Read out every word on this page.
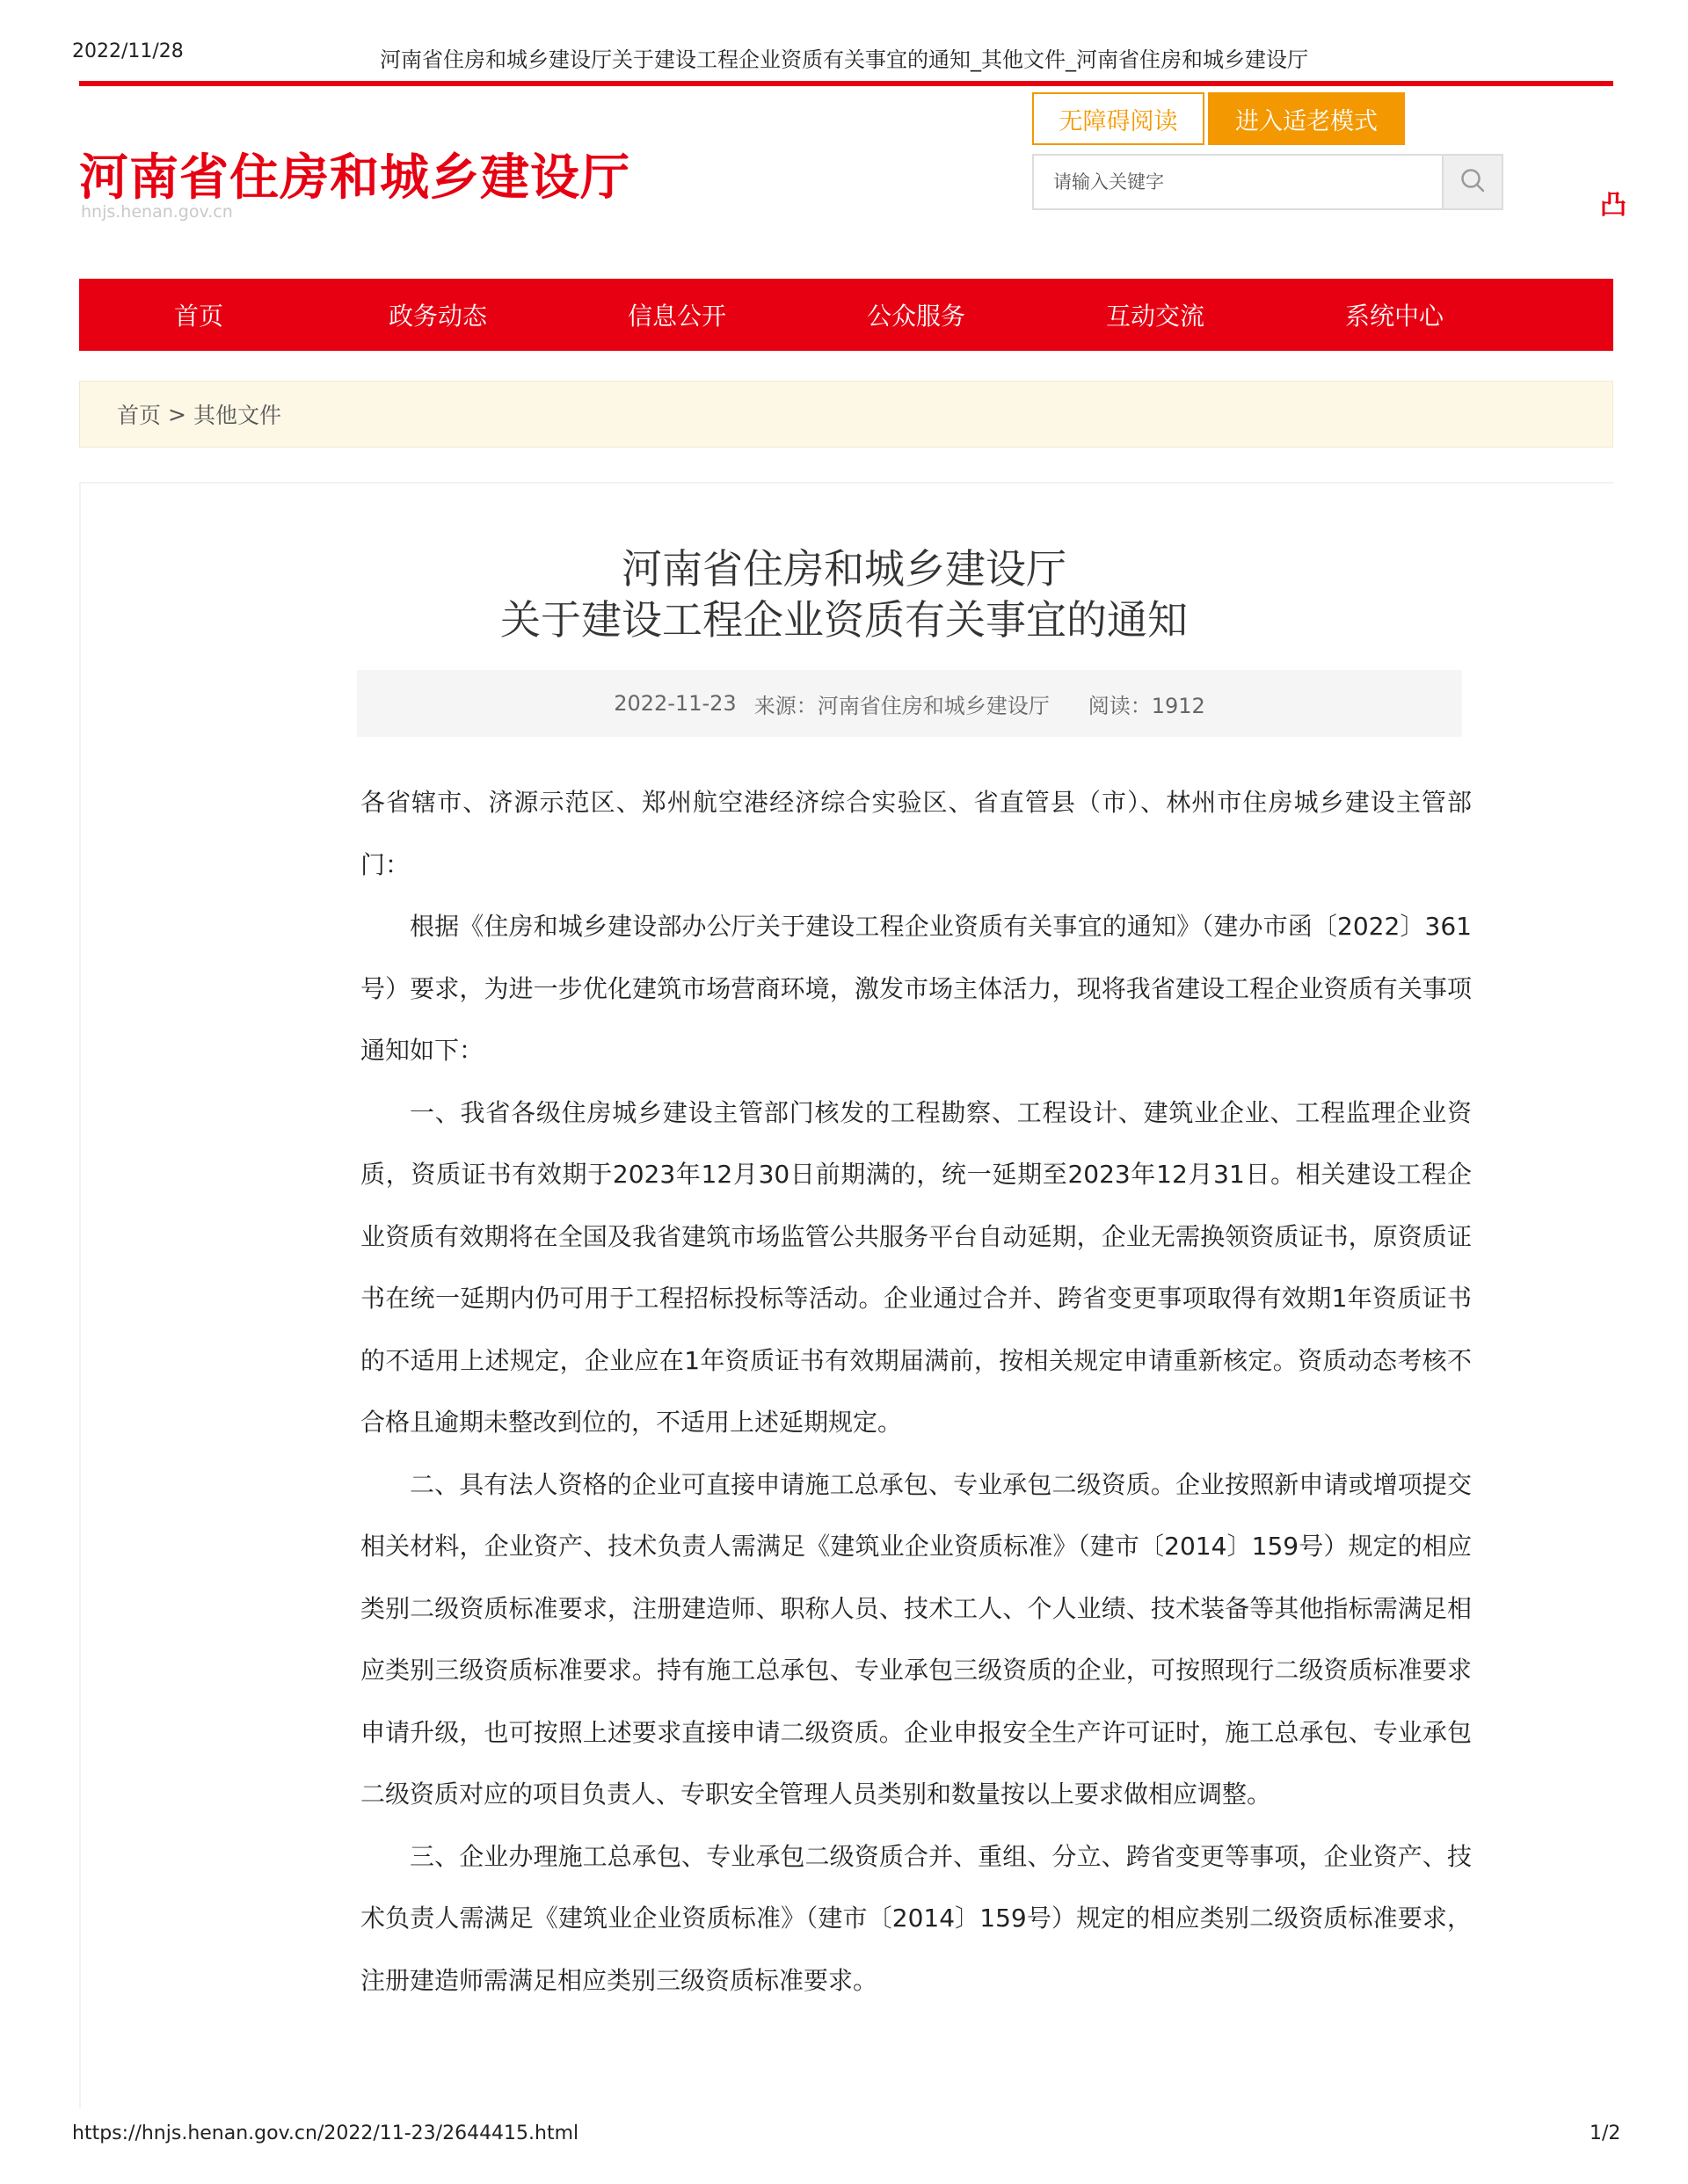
2022/11/28	河南省住房和城乡建设厅关于建设工程企业资质有关事宜的通知_其他文件_河南省住房和城乡建设厅
河南省住房和城乡建设厅
hnjs.henan.gov.cn
无障碍阅读	进入适老模式
请输入关键字
凸
首页	政务动态	信息公开	公众服务	互动交流	系统中心
首页 > 其他文件
河南省住房和城乡建设厅
关于建设工程企业资质有关事宜的通知
2022-11-23 来源：河南省住房和城乡建设厅 阅读：1912

各省辖市、济源示范区、郑州航空港经济综合实验区、省直管县（市）、林州市住房城乡建设主管部门：

根据《住房和城乡建设部办公厅关于建设工程企业资质有关事宜的通知》（建办市函〔2022〕361号）要求，为进一步优化建筑市场营商环境，激发市场主体活力，现将我省建设工程企业资质有关事项通知如下：

一、我省各级住房城乡建设主管部门核发的工程勘察、工程设计、建筑业企业、工程监理企业资质，资质证书有效期于2023年12月30日前期满的，统一延期至2023年12月31日。相关建设工程企业资质有效期将在全国及我省建筑市场监管公共服务平台自动延期，企业无需换领资质证书，原资质证书在统一延期内仍可用于工程招标投标等活动。企业通过合并、跨省变更事项取得有效期1年资质证书的不适用上述规定，企业应在1年资质证书有效期届满前，按相关规定申请重新核定。资质动态考核不合格且逾期未整改到位的，不适用上述延期规定。

二、具有法人资格的企业可直接申请施工总承包、专业承包二级资质。企业按照新申请或增项提交相关材料，企业资产、技术负责人需满足《建筑业企业资质标准》（建市〔2014〕159号）规定的相应类别二级资质标准要求，注册建造师、职称人员、技术工人、个人业绩、技术装备等其他指标需满足相应类别三级资质标准要求。持有施工总承包、专业承包三级资质的企业，可按照现行二级资质标准要求申请升级，也可按照上述要求直接申请二级资质。企业申报安全生产许可证时，施工总承包、专业承包二级资质对应的项目负责人、专职安全管理人员类别和数量按以上要求做相应调整。

三、企业办理施工总承包、专业承包二级资质合并、重组、分立、跨省变更等事项，企业资产、技术负责人需满足《建筑业企业资质标准》（建市〔2014〕159号）规定的相应类别二级资质标准要求，注册建造师需满足相应类别三级资质标准要求。

https://hnjs.henan.gov.cn/2022/11-23/2644415.html	1/2
